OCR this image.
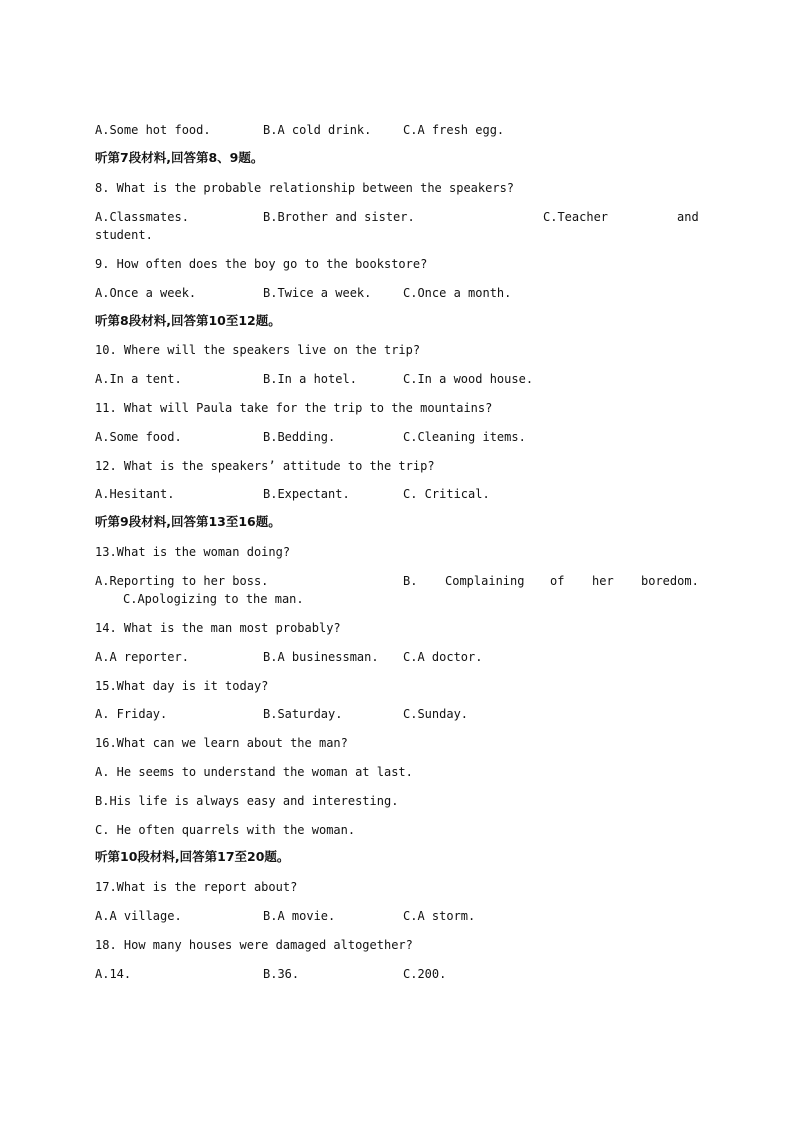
A.Some hot food.	B.A cold drink.	C.A fresh egg.
听第7段材料,回答第8、9题。
8. What is the probable relationship between the speakers?
A.Classmates.	B.Brother and sister.	C.Teacher	and
student.
9. How often does the boy go to the bookstore?
A.Once a week.	B.Twice a week.	C.Once a month.
听第8段材料,回答第10至12题。
10. Where will the speakers live on the trip?
A.In a tent.	B.In a hotel.	C.In a wood house.
11. What will Paula take for the trip to the mountains?
A.Some food.	B.Bedding.	C.Cleaning items.
12. What is the speakers’ attitude to the trip?
A.Hesitant.	B.Expectant.	C. Critical.
听第9段材料,回答第13至16题。
13.What is the woman doing?
A.Reporting to her boss.	B. Complaining of her boredom.
C.Apologizing to the man.
14. What is the man most probably?
A.A reporter.	B.A businessman. C.A doctor.
15.What day is it today?
A. Friday.	B.Saturday.	C.Sunday.
16.What can we learn about the man?
A. He seems to understand the woman at last.
B.His life is always easy and interesting.
C. He often quarrels with the woman.
听第10段材料,回答第17至20题。
17.What is the report about?
A.A village.	B.A movie.	C.A storm.
18. How many houses were damaged altogether?
A.14.	B.36.	C.200.
